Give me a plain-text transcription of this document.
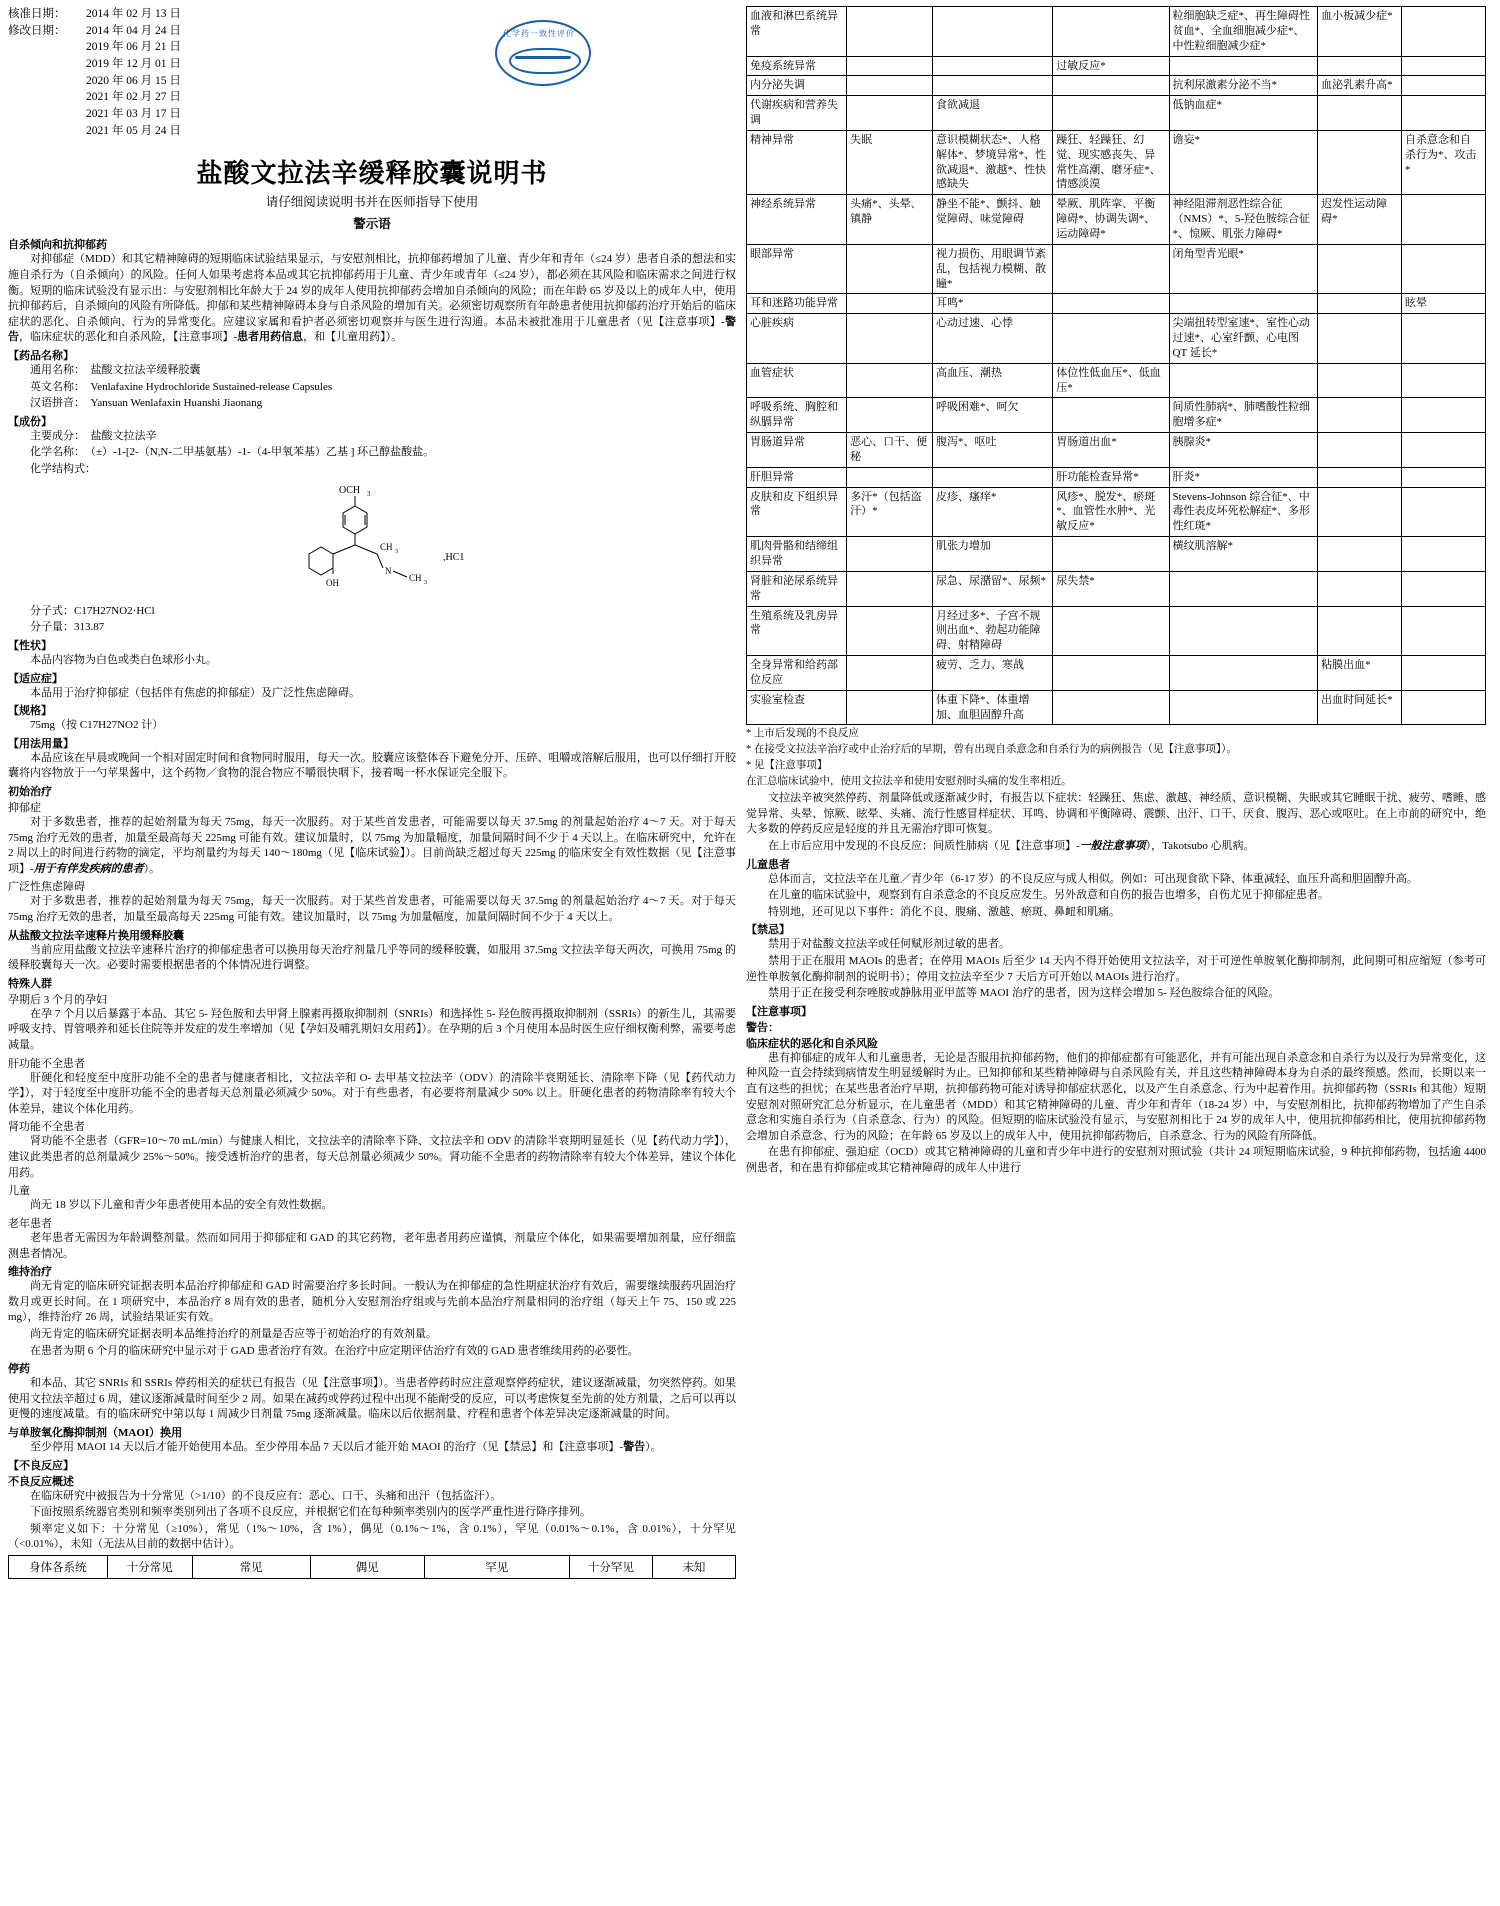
化学药一致性评价
核准日期： 2014 年 02 月 13 日
修改日期： 2014 年 04 月 24 日
2019 年 06 月 21 日
2019 年 12 月 01 日
2020 年 06 月 15 日
2021 年 02 月 27 日
2021 年 03 月 17 日
2021 年 05 月 24 日
盐酸文拉法辛缓释胶囊说明书
请仔细阅读说明书并在医师指导下使用
警示语
自杀倾向和抗抑郁药

对抑郁症（MDD）和其它精神障碍的短期临床试验结果显示，与安慰剂相比，抗抑郁药增加了儿童、青少年和青年（≤24 岁）患者自杀的想法和实施自杀行为（自杀倾向）的风险。任何人如果考虑将本品或其它抗抑郁药用于儿童、青少年或青年（≤24 岁），都必须在其风险和临床需求之间进行权衡。短期的临床试验没有显示出：与安慰剂相比年龄大于 24 岁的成年人使用抗抑郁药会增加自杀倾向的风险；而在年龄 65 岁及以上的成年人中，使用抗抑郁药后，自杀倾向的风险有所降低。抑郁和某些精神障碍本身与自杀风险的增加有关。必须密切观察所有年龄患者使用抗抑郁药治疗开始后的临床症状的恶化、自杀倾向、行为的异常变化。应建议家属和看护者必须密切观察并与医生进行沟通。本品未被批准用于儿童患者（见【注意事项】-警告，临床症状的恶化和自杀风险，【注意事项】-患者用药信息，和【儿童用药】）。

【药品名称】

通用名称：　盐酸文拉法辛缓释胶囊

英文名称：　Venlafaxine Hydrochloride Sustained-release Capsules

汉语拼音：　Yansuan Wenlafaxin Huanshi Jiaonang

【成份】

主要成分：　盐酸文拉法辛

化学名称：　（±）-1-[2-（N,N-二甲基氨基）-1-（4-甲氧苯基）乙基 ] 环己醇盐酸盐。

化学结构式：

OCH 3
CH 3
N
CH 3
OH
,HC1

分子式：C17H27NO2·HCl

分子量：313.87

【性状】

本品内容物为白色或类白色球形小丸。

【适应症】

本品用于治疗抑郁症（包括伴有焦虑的抑郁症）及广泛性焦虑障碍。

【规格】

75mg（按 C17H27NO2 计）

【用法用量】

本品应该在早晨或晚间一个相对固定时间和食物同时服用，每天一次。胶囊应该整体吞下避免分开、压碎、咀嚼或溶解后服用，也可以仔细打开胶囊将内容物放于一勺苹果酱中，这个药物／食物的混合物应不嚼很快咽下，接着喝一杯水保证完全服下。

初始治疗
抑郁症

对于多数患者，推荐的起始剂量为每天 75mg，每天一次服药。对于某些首发患者，可能需要以每天 37.5mg 的剂量起始治疗 4～7 天。对于每天 75mg 治疗无效的患者，加量至最高每天 225mg 可能有效。建议加量时，以 75mg 为加量幅度，加量间隔时间不少于 4 天以上。在临床研究中，允许在 2 周以上的时间进行药物的滴定，平均剂量约为每天 140～180mg（见【临床试验】）。目前尚缺乏超过每天 225mg 的临床安全有效性数据（见【注意事项】-用于有伴发疾病的患者）。

广泛性焦虑障碍

对于多数患者，推荐的起始剂量为每天 75mg，每天一次服药。对于某些首发患者，可能需要以每天 37.5mg 的剂量起始治疗 4～7 天。对于每天 75mg 治疗无效的患者，加量至最高每天 225mg 可能有效。建议加量时，以 75mg 为加量幅度，加量间隔时间不少于 4 天以上。

从盐酸文拉法辛速释片换用缓释胶囊

当前应用盐酸文拉法辛速释片治疗的抑郁症患者可以换用每天治疗剂量几乎等同的缓释胶囊，如服用 37.5mg 文拉法辛每天两次，可换用 75mg 的缓释胶囊每天一次。必要时需要根据患者的个体情况进行调整。

特殊人群
孕期后 3 个月的孕妇

在孕 7 个月以后暴露于本品、其它 5- 羟色胺和去甲肾上腺素再摄取抑制剂（SNRIs）和选择性 5- 羟色胺再摄取抑制剂（SSRIs）的新生儿，其需要呼吸支持、胃管喂养和延长住院等并发症的发生率增加（见【孕妇及哺乳期妇女用药】）。在孕期的后 3 个月使用本品时医生应仔细权衡利弊，需要考虑减量。

肝功能不全患者

肝硬化和轻度至中度肝功能不全的患者与健康者相比，文拉法辛和 O- 去甲基文拉法辛（ODV）的清除半衰期延长、清除率下降（见【药代动力学】），对于轻度至中度肝功能不全的患者每天总剂量必须减少 50%。对于有些患者，有必要将剂量减少 50% 以上。肝硬化患者的药物清除率有较大个体差异，建议个体化用药。

肾功能不全患者

肾功能不全患者（GFR=10～70 mL/min）与健康人相比，文拉法辛的清除率下降、文拉法辛和 ODV 的清除半衰期明显延长（见【药代动力学】），建议此类患者的总剂量减少 25%～50%。接受透析治疗的患者，每天总剂量必须减少 50%。肾功能不全患者的药物清除率有较大个体差异，建议个体化用药。

儿童

尚无 18 岁以下儿童和青少年患者使用本品的安全有效性数据。

老年患者

老年患者无需因为年龄调整剂量。然而如同用于抑郁症和 GAD 的其它药物，老年患者用药应谨慎，剂量应个体化，如果需要增加剂量，应仔细监测患者情况。

维持治疗

尚无肯定的临床研究证据表明本品治疗抑郁症和 GAD 时需要治疗多长时间。一般认为在抑郁症的急性期症状治疗有效后，需要继续服药巩固治疗数月或更长时间。在 1 项研究中，本品治疗 8 周有效的患者，随机分入安慰剂治疗组或与先前本品治疗剂量相同的治疗组（每天上午 75、150 或 225 mg），维持治疗 26 周，试验结果证实有效。

尚无肯定的临床研究证据表明本品维持治疗的剂量是否应等于初始治疗的有效剂量。

在患者为期 6 个月的临床研究中显示对于 GAD 患者治疗有效。在治疗中应定期评估治疗有效的 GAD 患者维续用药的必要性。

停药

和本品、其它 SNRIs 和 SSRIs 停药相关的症状已有报告（见【注意事项】）。当患者停药时应注意观察停药症状，建议逐渐减量，勿突然停药。如果使用文拉法辛超过 6 周，建议逐渐减量时间至少 2 周。如果在减药或停药过程中出现不能耐受的反应，可以考虑恢复至先前的处方剂量，之后可以再以更慢的速度减量。有的临床研究中第以每 1 周减少日剂量 75mg 逐渐减量。临床以后依据剂量、疗程和患者个体差异决定逐渐减量的时间。

与单胺氧化酶抑制剂（MAOI）换用

至少停用 MAOI 14 天以后才能开始使用本品。至少停用本品 7 天以后才能开始 MAOI 的治疗（见【禁忌】和【注意事项】-警告）。

【不良反应】
不良反应概述

在临床研究中被报告为十分常见（>1/10）的不良反应有：恶心、口干、头痛和出汗（包括盗汗）。

下面按照系统器官类别和频率类别列出了各项不良反应，并根据它们在每种频率类别内的医学严重性进行降序排列。

频率定义如下：十分常见（≥10%），常见（1%～10%，含 1%），偶见（0.1%～1%，含 0.1%），罕见（0.01%～0.1%，含 0.01%），十分罕见（<0.01%），未知（无法从目前的数据中估计）。

身体各系统	十分常见	常见	偶见	罕见	十分罕见	未知
血液和淋巴系统异常				粒细胞缺乏症*、再生障碍性贫血*、全血细胞减少症*、中性粒细胞减少症*	血小板减少症*	
免疫系统异常			过敏反应*			
内分泌失调				抗利尿激素分泌不当*	血泌乳素升高*	
代谢疾病和营养失调		食欲减退		低钠血症*		
精神异常	失眠	意识模糊状态*、人格解体*、梦境异常*、性欲减退*、激越*、性快感缺失	躁狂、轻躁狂、幻觉、现实感丧失、异常性高潮、磨牙症*、情感淡漠	谵妄*		自杀意念和自杀行为*、攻击*
神经系统异常	头痛*、头晕、镇静	静坐不能*、颤抖、触觉障碍、味觉障碍	晕厥、肌阵挛、平衡障碍*、协调失调*、运动障碍*	神经阻滞剂恶性综合征（NMS）*、5-羟色胺综合征*、惊厥、肌张力障碍*	迟发性运动障碍*	
眼部异常		视力损伤、用眼调节紊乱，包括视力模糊、散瞳*		闭角型青光眼*		
耳和迷路功能异常		耳鸣*				眩晕
心脏疾病		心动过速、心悸		尖端扭转型室速*、室性心动过速*、心室纤颤、心电图 QT 延长*		
血管症状		高血压、潮热	体位性低血压*、低血压*			
呼吸系统、胸腔和纵膈异常		呼吸困难*、呵欠		间质性肺病*、肺嗜酸性粒细胞增多症*		
胃肠道异常	恶心、口干、便秘	腹泻*、呕吐	胃肠道出血*	胰腺炎*		
肝胆异常			肝功能检查异常*	肝炎*		
皮肤和皮下组织异常	多汗*（包括盗汗）*	皮疹、瘙痒*	风疹*、脱发*、瘀斑*、血管性水肿*、光敏反应*	Stevens-Johnson 综合征*、中毒性表皮坏死松解症*、多形性红斑*		
肌肉骨骼和结缔组织异常		肌张力增加		横纹肌溶解*		
肾脏和泌尿系统异常		尿急、尿潴留*、尿频*	尿失禁*			
生殖系统及乳房异常		月经过多*、子宫不规则出血*、勃起功能障碍、射精障碍				
全身异常和给药部位反应		疲劳、乏力、寒战			粘膜出血*	
实验室检查		体重下降*、体重增加、血胆固醇升高			出血时间延长*	

* 上市后发现的不良反应

* 在接受文拉法辛治疗或中止治疗后的早期，曾有出现自杀意念和自杀行为的病例报告（见【注意事项】）。

* 见【注意事项】

在汇总临床试验中，使用文拉法辛和使用安慰剂时头痛的发生率相近。

文拉法辛被突然停药、剂量降低或逐渐减少时，有报告以下症状：轻躁狂、焦虑、激越、神经质、意识模糊、失眠或其它睡眠干扰、疲劳、嗜睡、感觉异常、头晕、惊厥、眩晕、头痛、流行性感冒样症状、耳鸣、协调和平衡障碍、震颤、出汗、口干、厌食、腹泻、恶心或呕吐。在上市前的研究中，绝大多数的停药反应是轻度的并且无需治疗即可恢复。

在上市后应用中发现的不良反应：间质性肺病（见【注意事项】-一般注意事项），Takotsubo 心肌病。

儿童患者

总体而言，文拉法辛在儿童／青少年（6-17 岁）的不良反应与成人相似。例如：可出现食欲下降、体重减轻、血压升高和胆固醇升高。

在儿童的临床试验中，观察到有自杀意念的不良反应发生。另外敌意和自伤的报告也增多，自伤尤见于抑郁症患者。

特别地，还可见以下事件：消化不良、腹痛、激越、瘀斑、鼻衄和肌痛。

【禁忌】

禁用于对盐酸文拉法辛或任何赋形剂过敏的患者。

禁用于正在服用 MAOIs 的患者；在停用 MAOIs 后至少 14 天内不得开始使用文拉法辛，对于可逆性单胺氧化酶抑制剂，此间期可相应缩短（参考可逆性单胺氧化酶抑制剂的说明书）；停用文拉法辛至少 7 天后方可开始以 MAOIs 进行治疗。

禁用于正在接受利奈唑胺或静脉用亚甲蓝等 MAOI 治疗的患者，因为这样会增加 5- 羟色胺综合征的风险。

【注意事项】
警告：
临床症状的恶化和自杀风险

患有抑郁症的成年人和儿童患者，无论是否服用抗抑郁药物，他们的抑郁症都有可能恶化，并有可能出现自杀意念和自杀行为以及行为异常变化，这种风险一直会持续到病情发生明显缓解时为止。已知抑郁和某些精神障碍与自杀风险有关，并且这些精神障碍本身为自杀的最终预感。然而，长期以来一直有这些的担忧；在某些患者治疗早期，抗抑郁药物可能对诱导抑郁症状恶化，以及产生自杀意念、行为中起着作用。抗抑郁药物（SSRIs 和其他）短期安慰剂对照研究汇总分析显示，在儿童患者（MDD）和其它精神障碍的儿童、青少年和青年（18-24 岁）中，与安慰剂相比，抗抑郁药物增加了产生自杀意念和实施自杀行为（自杀意念、行为）的风险。但短期的临床试验没有显示，与安慰剂相比于 24 岁的成年人中，使用抗抑郁药相比，使用抗抑郁药物会增加自杀意念、行为的风险；在年龄 65 岁及以上的成年人中，使用抗抑郁药物后，自杀意念、行为的风险有所降低。

在患有抑郁症、强迫症（OCD）或其它精神障碍的儿童和青少年中进行的安慰剂对照试验（共计 24 项短期临床试验，9 种抗抑郁药物，包括逾 4400 例患者，和在患有抑郁症或其它精神障碍的成年人中进行
